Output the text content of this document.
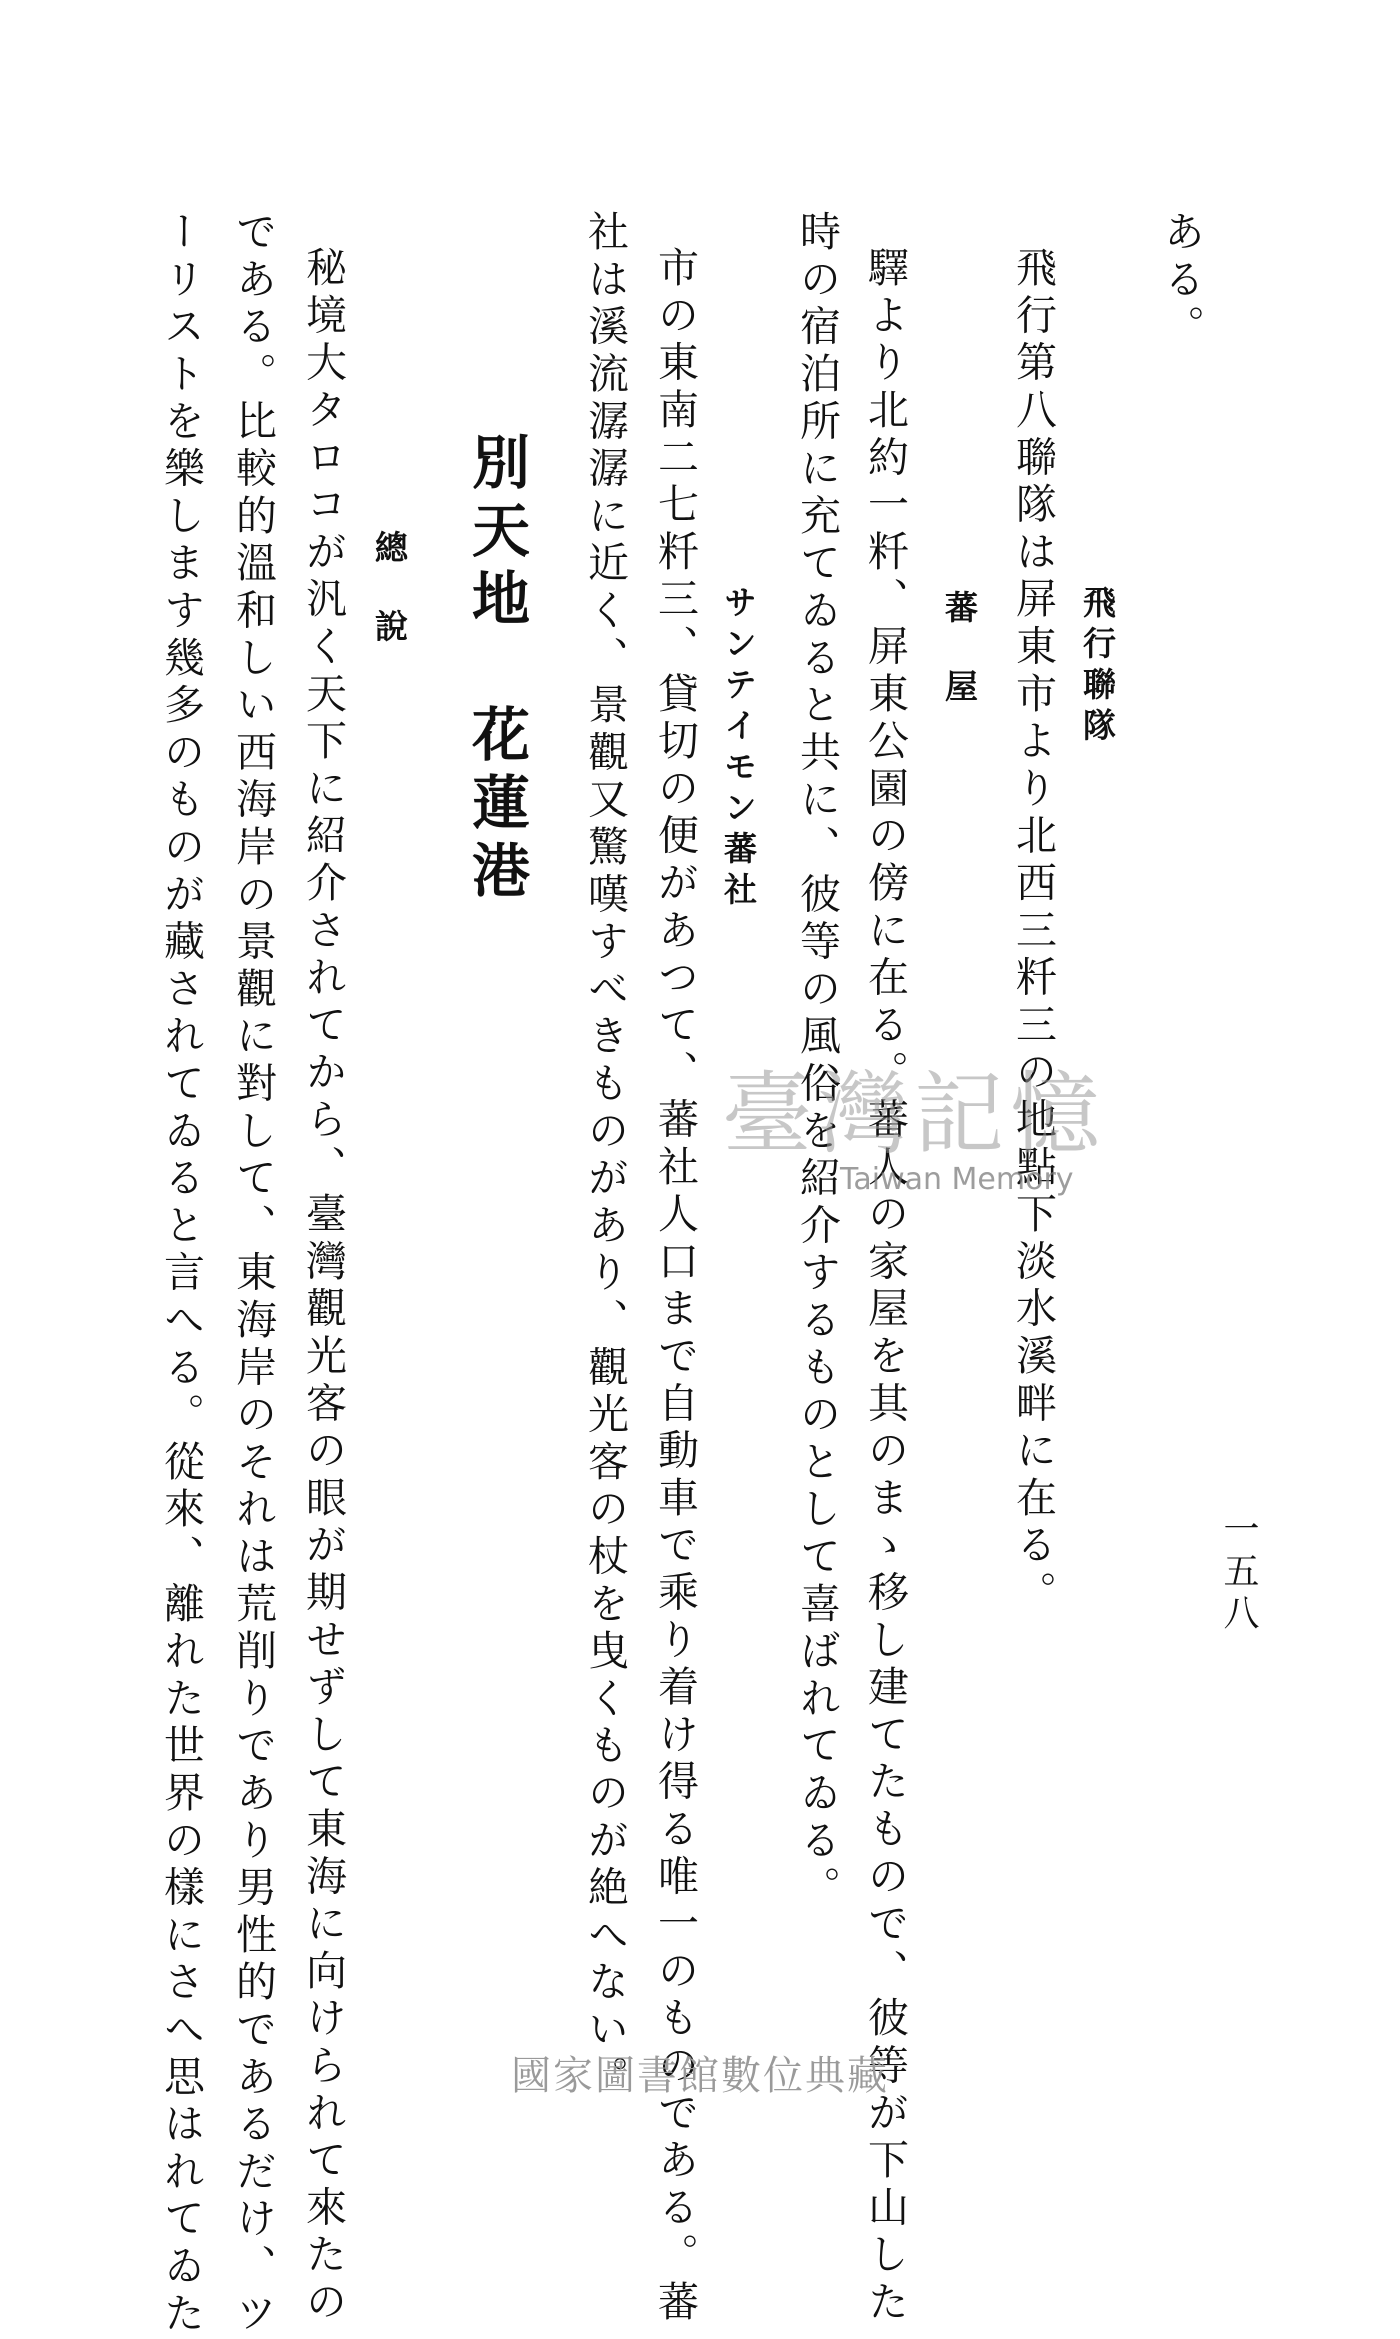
一五八
ある。
飛行聯隊
飛行第八聯隊は屏東市より北西三粁三の地點下淡水溪畔に在る。
蕃屋
驛より北約一粁、屏東公園の傍に在る。蕃人の家屋を其のまゝ移し建てたもので、彼等が下山した
時の宿泊所に充てゐると共に、彼等の風俗を紹介するものとして喜ばれてゐる。
サンテイモン蕃社
市の東南二七粁三、貸切の便があつて、蕃社人口まで自動車で乘り着け得る唯一のものである。蕃
社は溪流潺潺に近く、景觀又驚嘆すべきものがあり、觀光客の杖を曳くものが絶へない。
別天地　花蓮港
總說
秘境大タロコが汎く天下に紹介されてから、臺灣觀光客の眼が期せずして東海に向けられて來たの
である。比較的溫和しい西海岸の景觀に對して、東海岸のそれは荒削りであり男性的であるだけ、ツ
ーリストを樂します幾多のものが藏されてゐると言へる。從來、離れた世界の樣にさへ思はれてゐた	臺灣記憶
Taiwan Memory
國家圖書館數位典藏
